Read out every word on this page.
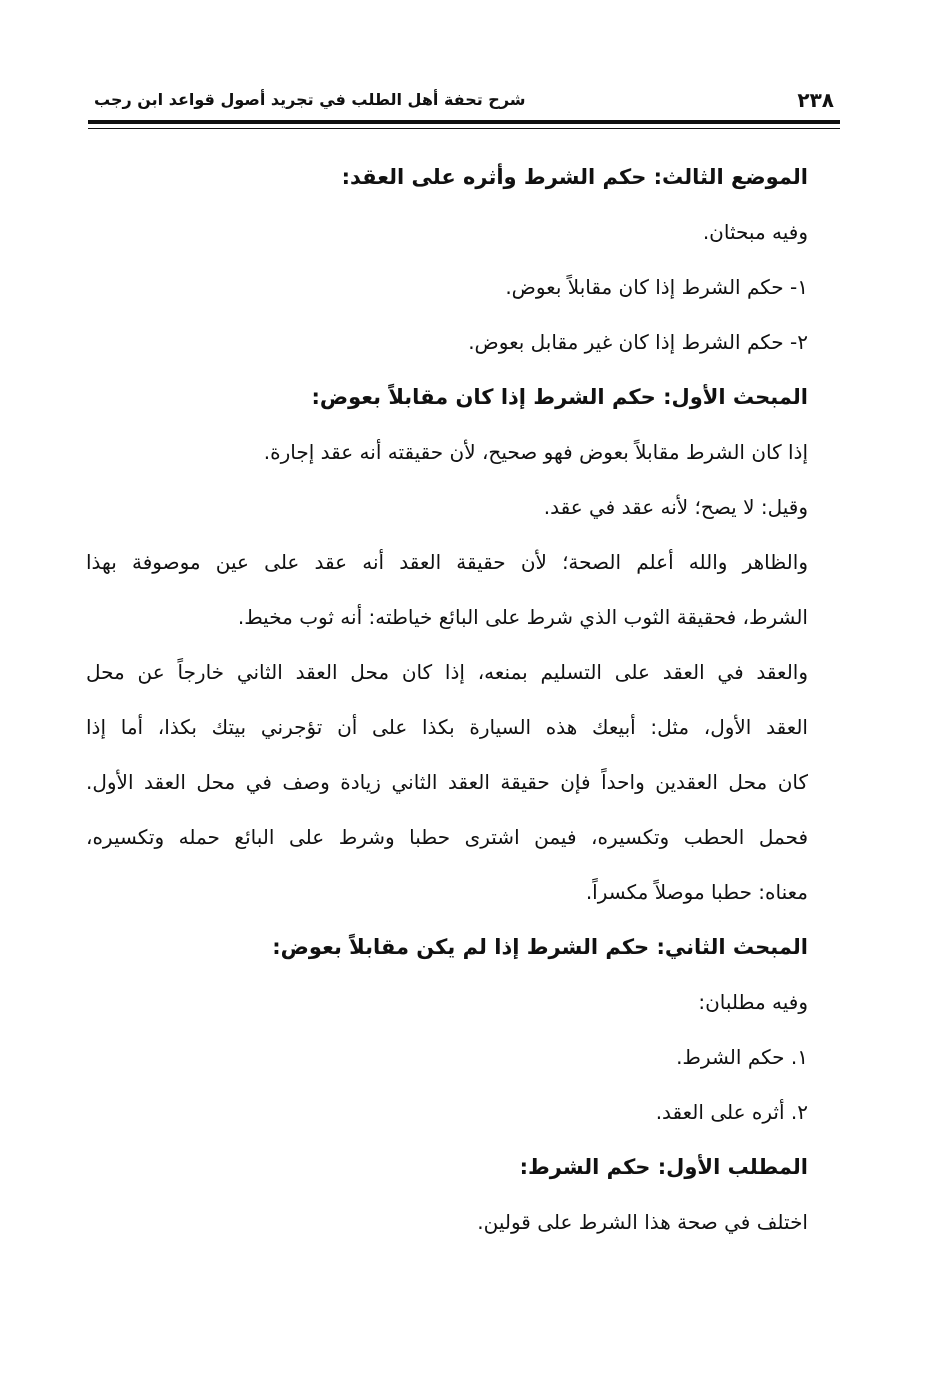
٢٣٨
شرح تحفة أهل الطلب في تجريد أصول قواعد ابن رجب
الموضع الثالث: حكم الشرط وأثره على العقد:
وفيه مبحثان.
١- حكم الشرط إذا كان مقابلاً بعوض.
٢- حكم الشرط إذا كان غير مقابل بعوض.
المبحث الأول: حكم الشرط إذا كان مقابلاً بعوض:
إذا كان الشرط مقابلاً بعوض فهو صحيح، لأن حقيقته أنه عقد إجارة.
وقيل: لا يصح؛ لأنه عقد في عقد.
والظاهر والله أعلم الصحة؛ لأن حقيقة العقد أنه عقد على عين موصوفة بهذا
الشرط، فحقيقة الثوب الذي شرط على البائع خياطته: أنه ثوب مخيط.
والعقد في العقد على التسليم بمنعه، إذا كان محل العقد الثاني خارجاً عن محل
العقد الأول، مثل: أبيعك هذه السيارة بكذا على أن تؤجرني بيتك بكذا، أما إذا
كان محل العقدين واحداً فإن حقيقة العقد الثاني زيادة وصف في محل العقد الأول.
فحمل الحطب وتكسيره، فيمن اشترى حطبا وشرط على البائع حمله وتكسيره،
معناه: حطبا موصلاً مكسراً.
المبحث الثاني: حكم الشرط إذا لم يكن مقابلاً بعوض:
وفيه مطلبان:
١. حكم الشرط.
٢. أثره على العقد.
المطلب الأول: حكم الشرط:
اختلف في صحة هذا الشرط على قولين.
